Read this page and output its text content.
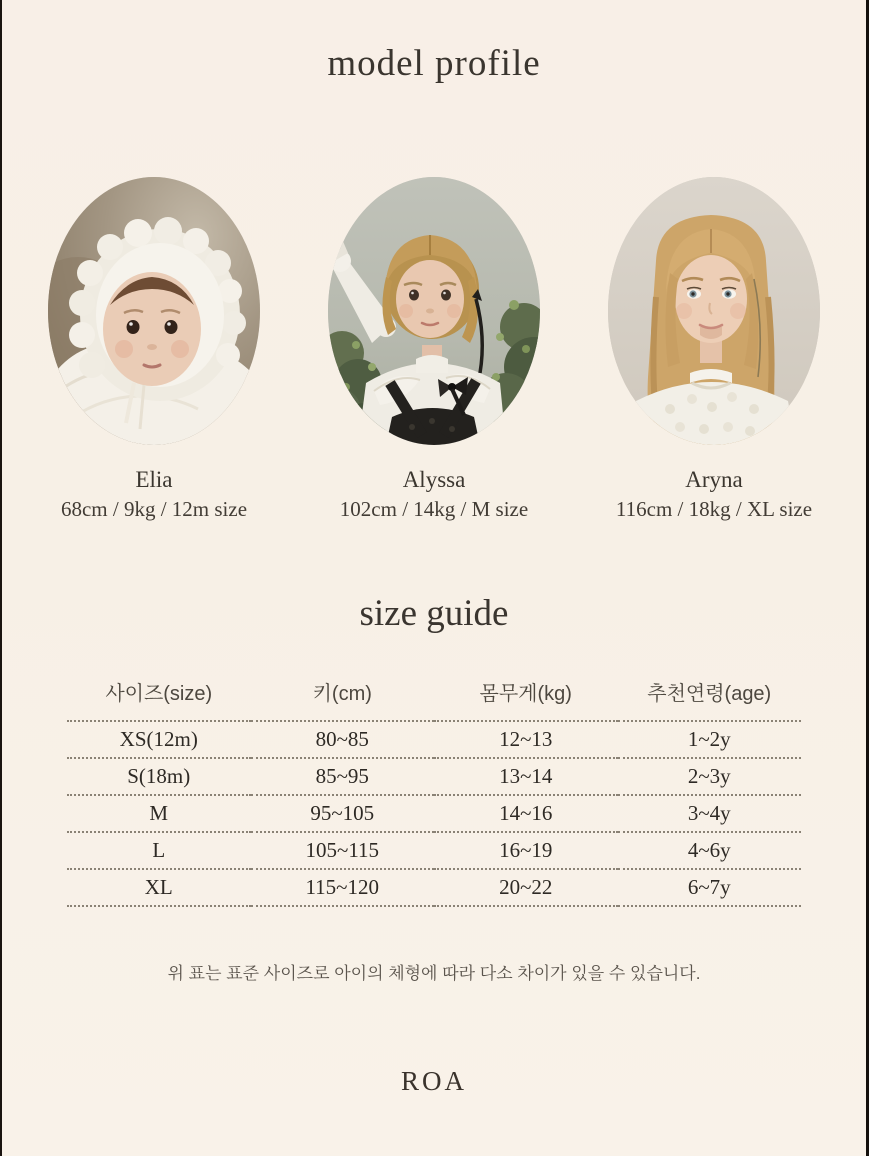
model profile
Elia
68cm / 9kg / 12m size
Alyssa
102cm / 14kg / M size
Aryna
116cm / 18kg / XL size
size guide
사이즈(size)	키(cm)	몸무게(kg)	추천연령(age)
XS(12m)	80~85	12~13	1~2y
S(18m)	85~95	13~14	2~3y
M	95~105	14~16	3~4y
L	105~115	16~19	4~6y
XL	115~120	20~22	6~7y

위 표는 표준 사이즈로 아이의 체형에 따라 다소 차이가 있을 수 있습니다.

ROA
